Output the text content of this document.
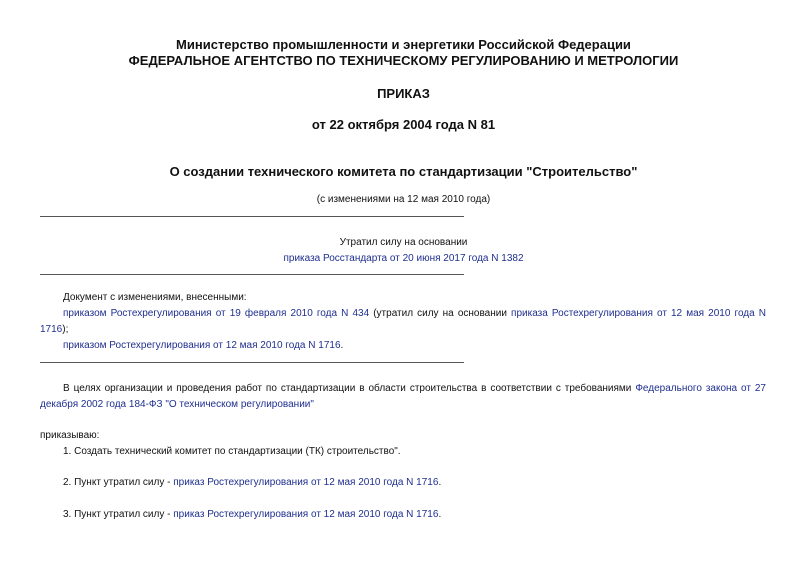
Министерство промышленности и энергетики Российской Федерации
ФЕДЕРАЛЬНОЕ АГЕНТСТВО ПО ТЕХНИЧЕСКОМУ РЕГУЛИРОВАНИЮ И МЕТРОЛОГИИ
ПРИКАЗ
от 22 октября 2004 года N 81
О создании технического комитета по стандартизации "Строительство"
(с изменениями на 12 мая 2010 года)
Утратил силу на основании
приказа Росстандарта от 20 июня 2017 года N 1382
Документ с изменениями, внесенными:
приказом Ростехрегулирования от 19 февраля 2010 года N 434 (утратил силу на основании приказа Ростехрегулирования от 12 мая 2010 года N 1716);
приказом Ростехрегулирования от 12 мая 2010 года N 1716.
В целях организации и проведения работ по стандартизации в области строительства в соответствии с требованиями Федерального закона от 27 декабря 2002 года 184-ФЗ "О техническом регулировании"
приказываю:
1. Создать технический комитет по стандартизации (ТК) строительство".
2. Пункт утратил силу - приказ Ростехрегулирования от 12 мая 2010 года N 1716.
3. Пункт утратил силу - приказ Ростехрегулирования от 12 мая 2010 года N 1716.
